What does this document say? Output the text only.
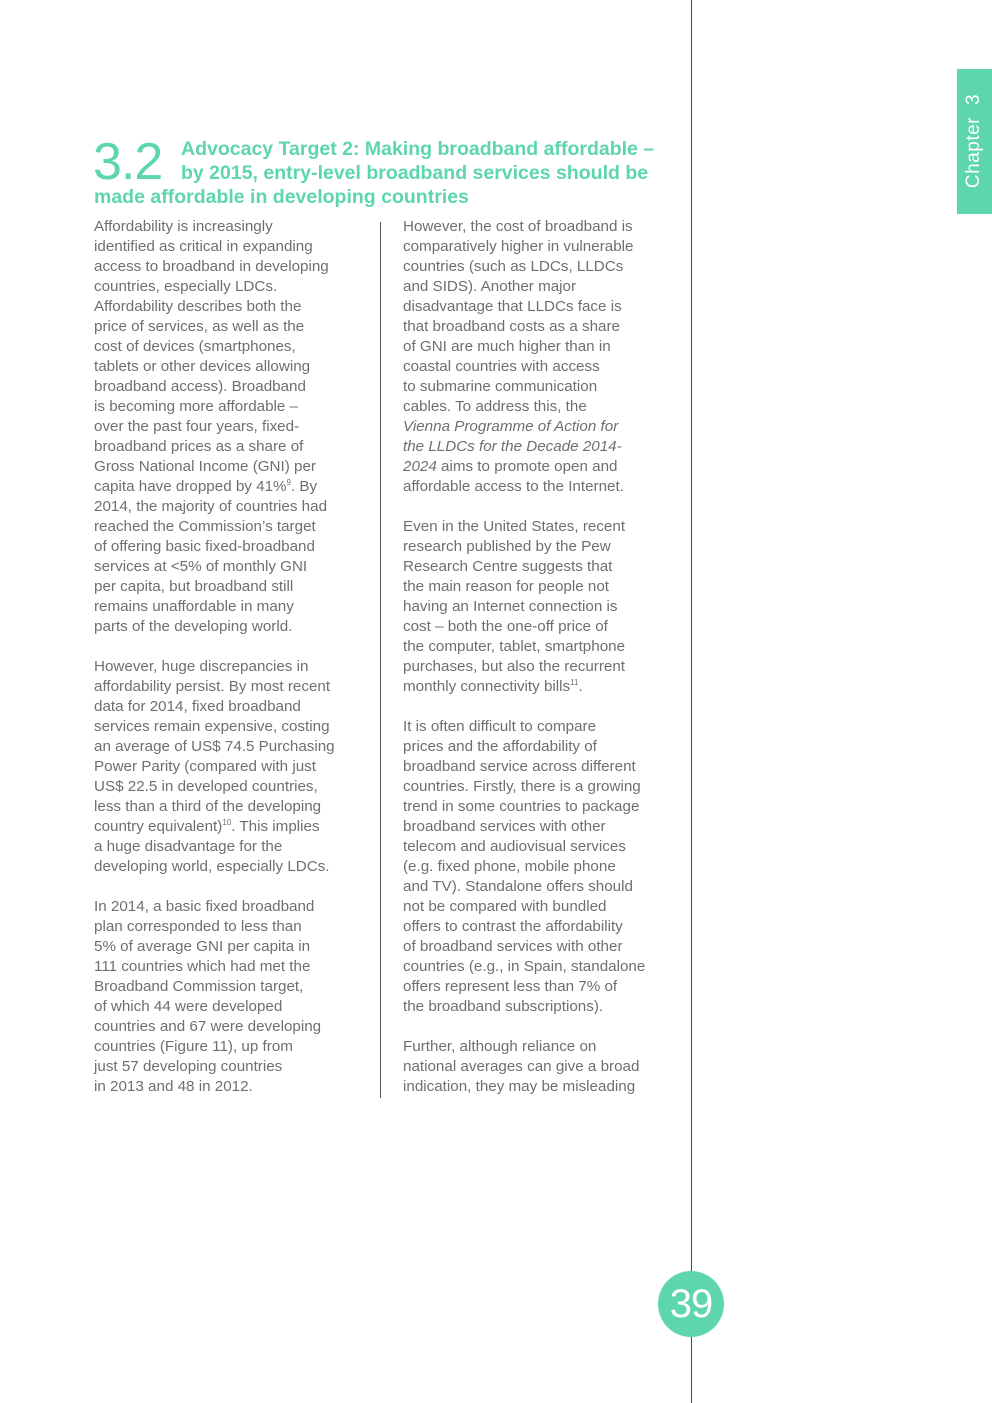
Chapter3
3.2 Advocacy Target 2: Making broadband affordable –
by 2015, entry-level broadband services should be
made affordable in developing countries

Affordability is increasingly
identified as critical in expanding
access to broadband in developing
countries, especially LDCs.
Affordability describes both the
price of services, as well as the
cost of devices (smartphones,
tablets or other devices allowing
broadband access). Broadband
is becoming more affordable –
over the past four years, fixed-
broadband prices as a share of
Gross National Income (GNI) per
capita have dropped by 41%$^9$. By
2014, the majority of countries had
reached the Commission’s target
of offering basic fixed-broadband
services at <5% of monthly GNI
per capita, but broadband still
remains unaffordable in many
parts of the developing world.

However, huge discrepancies in
affordability persist. By most recent
data for 2014, fixed broadband
services remain expensive, costing
an average of US$ 74.5 Purchasing
Power Parity (compared with just
US$ 22.5 in developed countries,
less than a third of the developing
country equivalent)$^{10}$. This implies
a huge disadvantage for the
developing world, especially LDCs.

In 2014, a basic fixed broadband
plan corresponded to less than
5% of average GNI per capita in
111 countries which had met the
Broadband Commission target,
of which 44 were developed
countries and 67 were developing
countries (Figure 11), up from
just 57 developing countries
in 2013 and 48 in 2012.

However, the cost of broadband is
comparatively higher in vulnerable
countries (such as LDCs, LLDCs
and SIDS). Another major
disadvantage that LLDCs face is
that broadband costs as a share
of GNI are much higher than in
coastal countries with access
to submarine communication
cables. To address this, the
Vienna Programme of Action for
the LLDCs for the Decade 2014-
2024 aims to promote open and
affordable access to the Internet.

Even in the United States, recent
research published by the Pew
Research Centre suggests that
the main reason for people not
having an Internet connection is
cost – both the one-off price of
the computer, tablet, smartphone
purchases, but also the recurrent
monthly connectivity bills$^{11}$.

It is often difficult to compare
prices and the affordability of
broadband service across different
countries. Firstly, there is a growing
trend in some countries to package
broadband services with other
telecom and audiovisual services
(e.g. fixed phone, mobile phone
and TV). Standalone offers should
not be compared with bundled
offers to contrast the affordability
of broadband services with other
countries (e.g., in Spain, standalone
offers represent less than 7% of
the broadband subscriptions).

Further, although reliance on
national averages can give a broad
indication, they may be misleading

39
